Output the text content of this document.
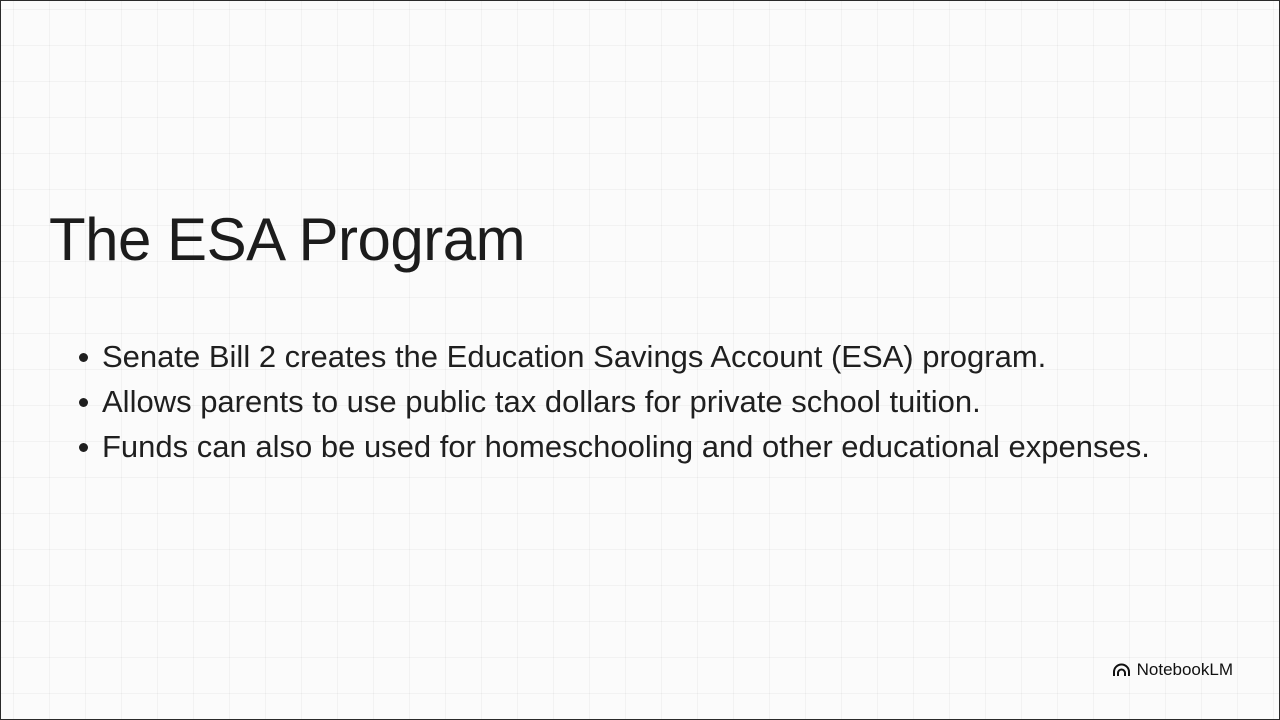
The ESA Program
Senate Bill 2 creates the Education Savings Account (ESA) program.
Allows parents to use public tax dollars for private school tuition.
Funds can also be used for homeschooling and other educational expenses.
NotebookLM
